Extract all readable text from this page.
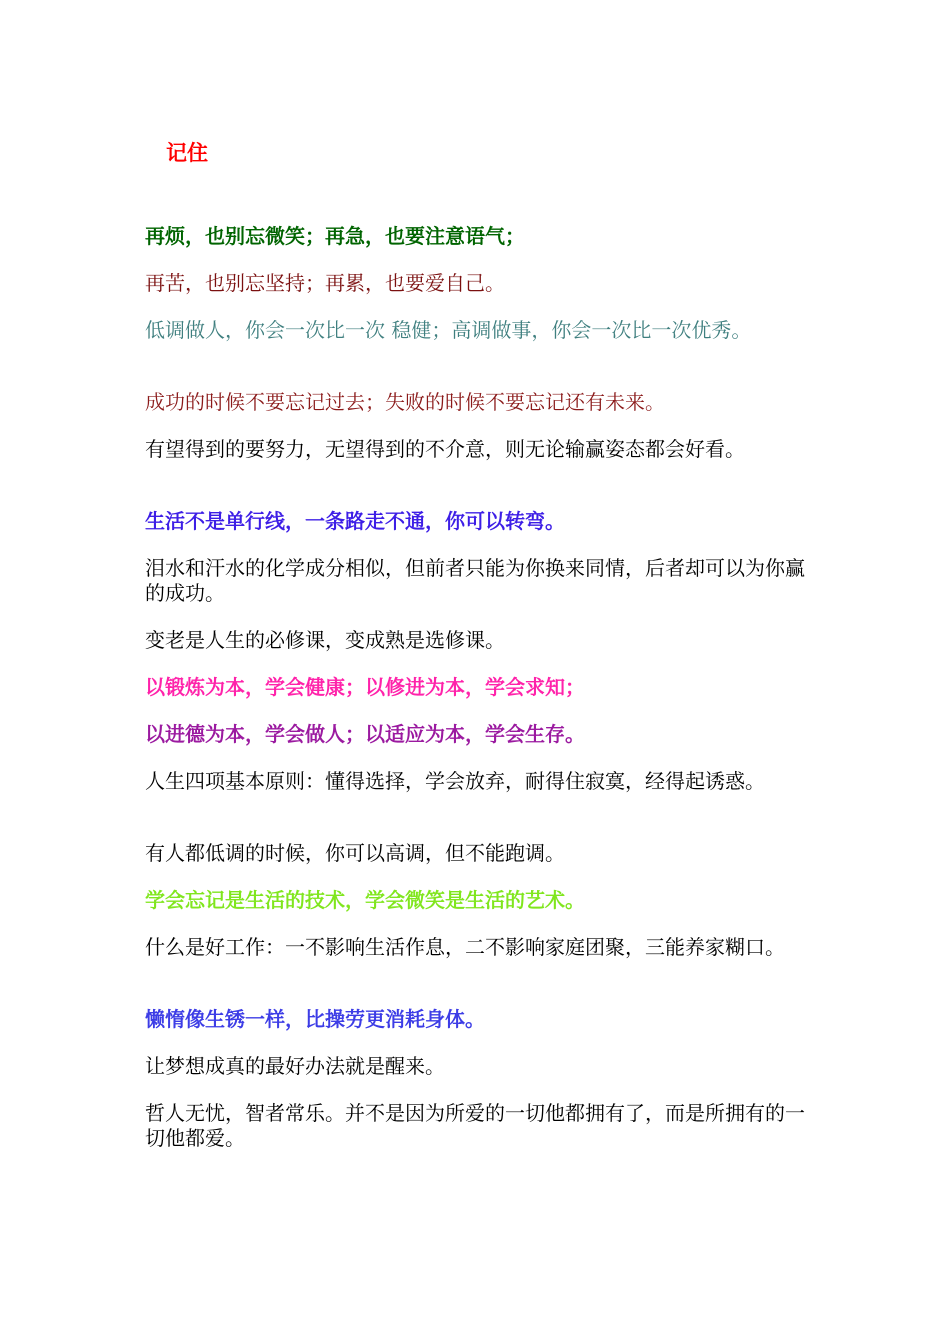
记住
再烦，也别忘微笑；再急，也要注意语气；
再苦，也别忘坚持；再累，也要爱自己。
低调做人，你会一次比一次 稳健；高调做事，你会一次比一次优秀。
成功的时候不要忘记过去；失败的时候不要忘记还有未来。
有望得到的要努力，无望得到的不介意，则无论输赢姿态都会好看。
生活不是单行线，一条路走不通，你可以转弯。
泪水和汗水的化学成分相似，但前者只能为你换来同情，后者却可以为你赢的成功。
变老是人生的必修课，变成熟是选修课。
以锻炼为本，学会健康；以修进为本，学会求知；
以进德为本，学会做人；以适应为本，学会生存。
人生四项基本原则：懂得选择，学会放弃，耐得住寂寞，经得起诱惑。
有人都低调的时候，你可以高调，但不能跑调。
学会忘记是生活的技术，学会微笑是生活的艺术。
什么是好工作：一不影响生活作息，二不影响家庭团聚，三能养家糊口。
懒惰像生锈一样，比操劳更消耗身体。
让梦想成真的最好办法就是醒来。
哲人无忧，智者常乐。并不是因为所爱的一切他都拥有了，而是所拥有的一切他都爱。
